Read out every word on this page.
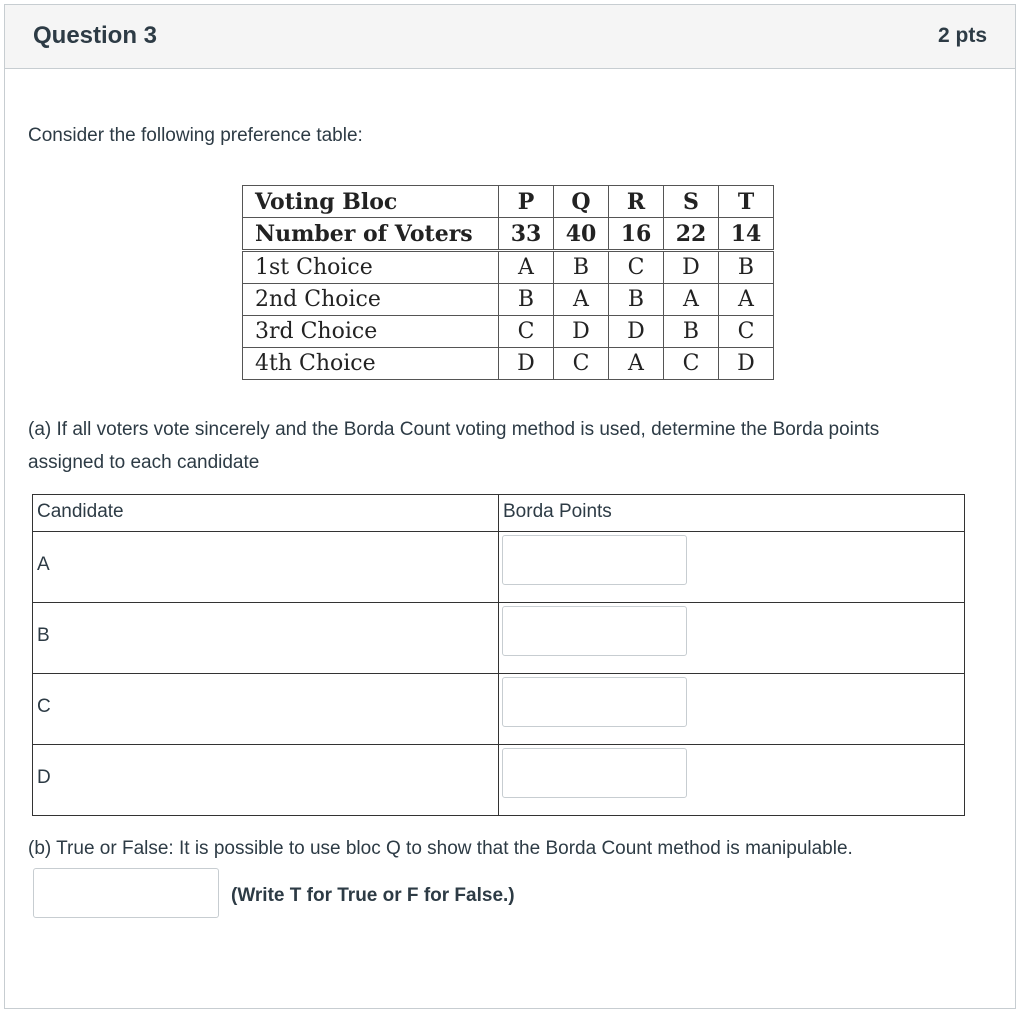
Question 3	2 pts
Consider the following preference table:
Voting Bloc	P	Q	R	S	T
Number of Voters	33	40	16	22	14
1st Choice	A	B	C	D	B
2nd Choice	B	A	B	A	A
3rd Choice	C	D	D	B	C
4th Choice	D	C	A	C	D
(a) If all voters vote sincerely and the Borda Count voting method is used, determine the Borda points assigned to each candidate
Candidate	Borda Points

A

B

C

D

(b) True or False: It is possible to use bloc Q to show that the Borda Count method is manipulable.
(Write T for True or F for False.)
